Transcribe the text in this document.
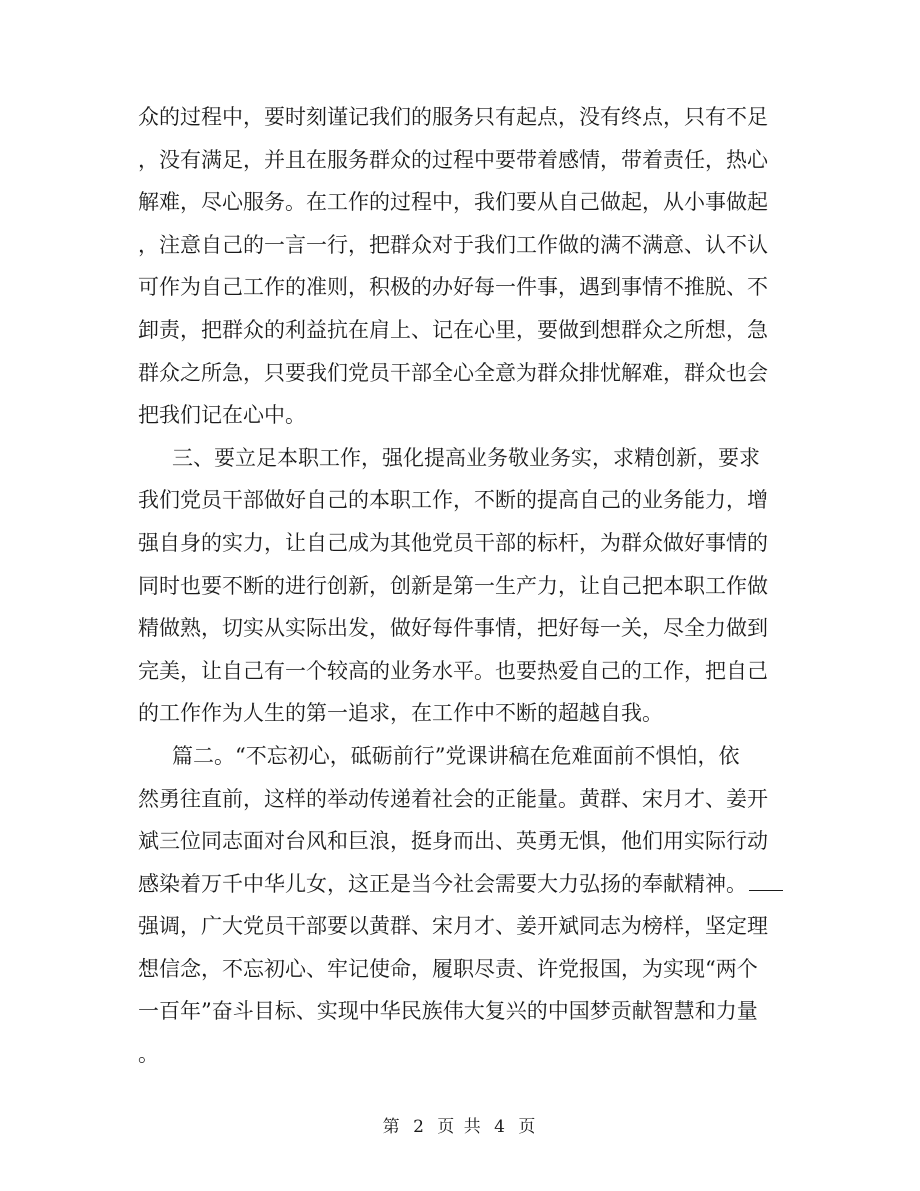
众的过程中，要时刻谨记我们的服务只有起点，没有终点，只有不足
，没有满足，并且在服务群众的过程中要带着感情，带着责任，热心
解难，尽心服务。在工作的过程中，我们要从自己做起，从小事做起
，注意自己的一言一行，把群众对于我们工作做的满不满意、认不认
可作为自己工作的准则，积极的办好每一件事，遇到事情不推脱、不
卸责，把群众的利益抗在肩上、记在心里，要做到想群众之所想，急
群众之所急，只要我们党员干部全心全意为群众排忧解难，群众也会
把我们记在心中。
三、要立足本职工作，强化提高业务敬业务实，求精创新，要求
我们党员干部做好自己的本职工作，不断的提高自己的业务能力，增
强自身的实力，让自己成为其他党员干部的标杆，为群众做好事情的
同时也要不断的进行创新，创新是第一生产力，让自己把本职工作做
精做熟，切实从实际出发，做好每件事情，把好每一关，尽全力做到
完美，让自己有一个较高的业务水平。也要热爱自己的工作，把自己
的工作作为人生的第一追求，在工作中不断的超越自我。
篇二。“不忘初心，砥砺前行”党课讲稿在危难面前不惧怕，依
然勇往直前，这样的举动传递着社会的正能量。黄群、宋月才、姜开
斌三位同志面对台风和巨浪，挺身而出、英勇无惧，他们用实际行动
感染着万千中华儿女，这正是当今社会需要大力弘扬的奉献精神。
强调，广大党员干部要以黄群、宋月才、姜开斌同志为榜样，坚定理
想信念，不忘初心、牢记使命，履职尽责、许党报国，为实现“两个
一百年”奋斗目标、实现中华民族伟大复兴的中国梦贡献智慧和力量
。
第 2 页 共 4 页
